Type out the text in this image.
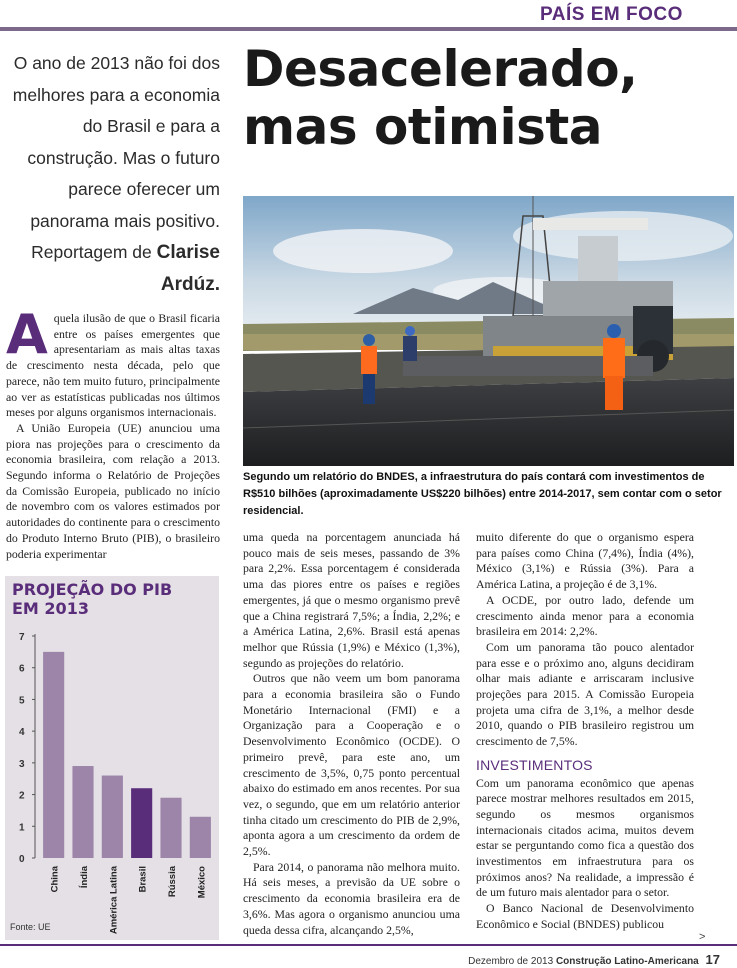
PAÍS EM FOCO
O ano de 2013 não foi dos melhores para a economia do Brasil e para a construção. Mas o futuro parece oferecer um panorama mais positivo. Reportagem de Clarise Ardúz.
Desacelerado,
mas otimista
Segundo um relatório do BNDES, a infraestrutura do país contará com investimentos de R$510 bilhões (aproximadamente US$220 bilhões) entre 2014-2017, sem contar com o setor residencial.
A quela ilusão de que o Brasil ficaria entre os países emergentes que apresentariam as mais altas taxas de crescimento nesta década, pelo que parece, não tem muito futuro, principalmente ao ver as estatísticas publicadas nos últimos meses por alguns organismos internacionais.

A União Europeia (UE) anunciou uma piora nas projeções para o crescimento da economia brasileira, com relação a 2013. Segundo informa o Relatório de Projeções da Comissão Europeia, publicado no início de novembro com os valores estimados por autoridades do continente para o crescimento do Produto Interno Bruto (PIB), o brasileiro poderia experimentar

uma queda na porcentagem anunciada há pouco mais de seis meses, passando de 3% para 2,2%. Essa porcentagem é considerada uma das piores entre os países e regiões emergentes, já que o mesmo organismo prevê que a China registrará 7,5%; a Índia, 2,2%; e a América Latina, 2,6%. Brasil está apenas melhor que Rússia (1,9%) e México (1,3%), segundo as projeções do relatório.

Outros que não veem um bom panorama para a economia brasileira são o Fundo Monetário Internacional (FMI) e a Organização para a Cooperação e o Desenvolvimento Econômico (OCDE). O primeiro prevê, para este ano, um crescimento de 3,5%, 0,75 ponto percentual abaixo do estimado em anos recentes. Por sua vez, o segundo, que em um relatório anterior tinha citado um crescimento do PIB de 2,9%, aponta agora a um crescimento da ordem de 2,5%.

Para 2014, o panorama não melhora muito. Há seis meses, a previsão da UE sobre o crescimento da economia brasileira era de 3,6%. Mas agora o organismo anunciou uma queda dessa cifra, alcançando 2,5%,

muito diferente do que o organismo espera para países como China (7,4%), Índia (4%), México (3,1%) e Rússia (3%). Para a América Latina, a projeção é de 3,1%.

A OCDE, por outro lado, defende um crescimento ainda menor para a economia brasileira em 2014: 2,2%.

Com um panorama tão pouco alentador para esse e o próximo ano, alguns decidiram olhar mais adiante e arriscaram inclusive projeções para 2015. A Comissão Europeia projeta uma cifra de 3,1%, a melhor desde 2010, quando o PIB brasileiro registrou um crescimento de 7,5%.

INVESTIMENTOS

Com um panorama econômico que apenas parece mostrar melhores resultados em 2015, segundo os mesmos organismos internacionais citados acima, muitos devem estar se perguntando como fica a questão dos investimentos em infraestrutura para os próximos anos? Na realidade, a impressão é de um futuro mais alentador para o setor.

O Banco Nacional de Desenvolvimento Econômico e Social (BNDES) publicou

>
PROJEÇÃO DO PIB
EM 2013
0
1
2
3
4
5
6
7
China Índia América Latina Brasil Rússia México
Fonte: UE
Dezembro de 2013 Construção Latino-Americana 17
